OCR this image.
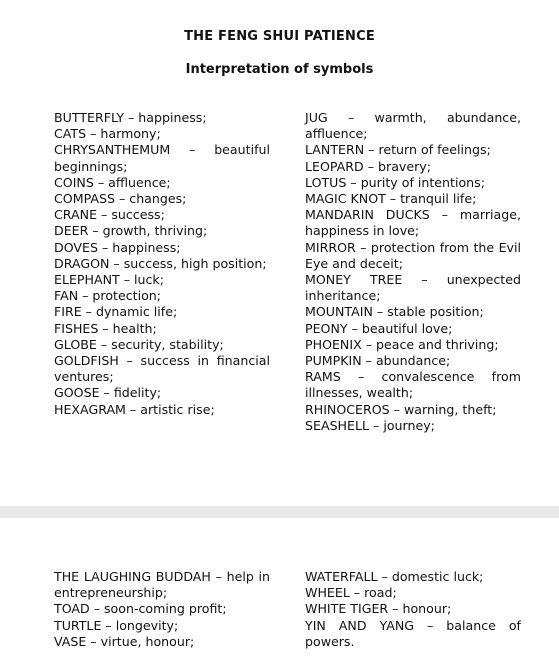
THE FENG SHUI PATIENCE
Interpretation of symbols
BUTTERFLY – happiness;
CATS – harmony;
CHRYSANTHEMUM – beautiful beginnings;
COINS – affluence;
COMPASS – changes;
CRANE – success;
DEER – growth, thriving;
DOVES – happiness;
DRAGON – success, high position;
ELEPHANT – luck;
FAN – protection;
FIRE – dynamic life;
FISHES – health;
GLOBE – security, stability;
GOLDFISH – success in financial ventures;
GOOSE – fidelity;
HEXAGRAM – artistic rise;
JUG – warmth, abundance, affluence;
LANTERN – return of feelings;
LEOPARD – bravery;
LOTUS – purity of intentions;
MAGIC KNOT – tranquil life;
MANDARIN DUCKS – marriage, happiness in love;
MIRROR – protection from the Evil Eye and deceit;
MONEY TREE – unexpected inheritance;
MOUNTAIN – stable position;
PEONY – beautiful love;
PHOENIX – peace and thriving;
PUMPKIN – abundance;
RAMS – convalescence from illnesses, wealth;
RHINOCEROS – warning, theft;
SEASHELL – journey;
THE LAUGHING BUDDAH – help in entrepreneurship;
TOAD – soon-coming profit;
TURTLE – longevity;
VASE – virtue, honour;
WATERFALL – domestic luck;
WHEEL – road;
WHITE TIGER – honour;
YIN AND YANG – balance of powers.
